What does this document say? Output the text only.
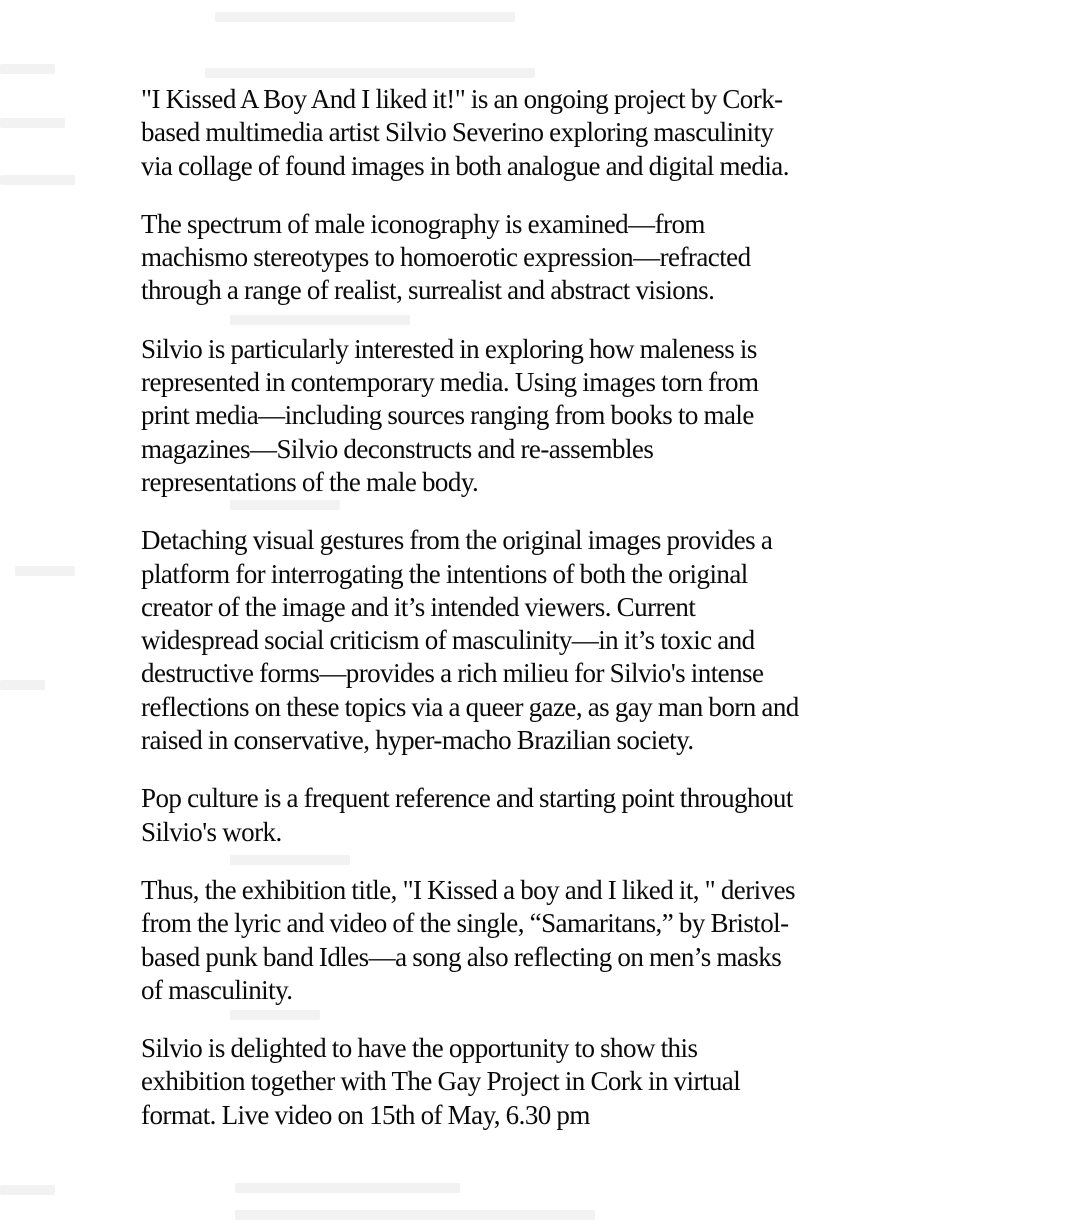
"I Kissed A Boy And I liked it!" is an ongoing project by Cork-
based multimedia artist Silvio Severino exploring masculinity
via collage of found images in both analogue and digital media.

The spectrum of male iconography is examined—from
machismo stereotypes to homoerotic expression—refracted
through a range of realist, surrealist and abstract visions.

Silvio is particularly interested in exploring how maleness is
represented in contemporary media. Using images torn from
print media—including sources ranging from books to male
magazines—Silvio deconstructs and re-assembles
representations of the male body.

Detaching visual gestures from the original images provides a
platform for interrogating the intentions of both the original
creator of the image and it’s intended viewers. Current
widespread social criticism of masculinity—in it’s toxic and
destructive forms—provides a rich milieu for Silvio's intense
reflections on these topics via a queer gaze, as gay man born and
raised in conservative, hyper-macho Brazilian society.

Pop culture is a frequent reference and starting point throughout
Silvio's work.

Thus, the exhibition title, "I Kissed a boy and I liked it, " derives
from the lyric and video of the single, “Samaritans,” by Bristol-
based punk band Idles—a song also reflecting on men’s masks
of masculinity.

Silvio is delighted to have the opportunity to show this
exhibition together with The Gay Project in Cork in virtual
format. Live video on 15th of May, 6.30 pm
